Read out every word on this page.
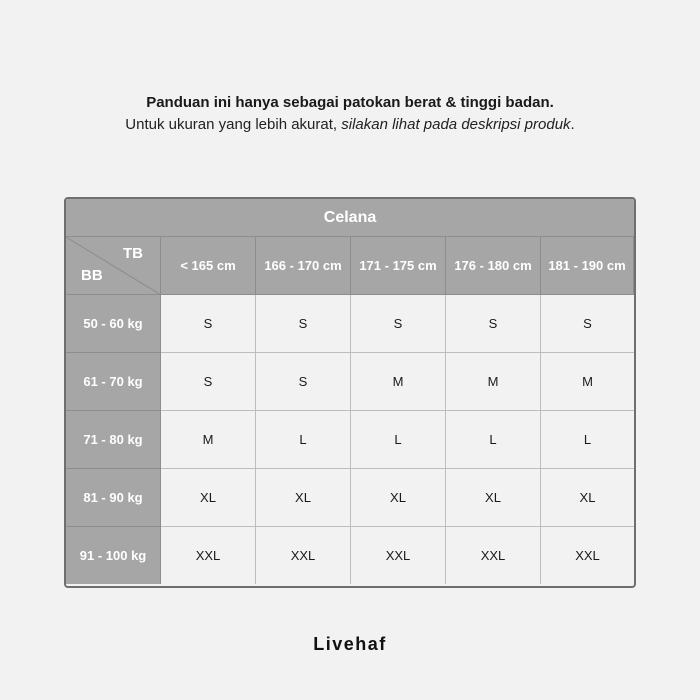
Panduan ini hanya sebagai patokan berat & tinggi badan.
Untuk ukuran yang lebih akurat, silakan lihat pada deskripsi produk.
Celana
TB
BB
< 165 cm	166 - 170 cm	171 - 175 cm	176 - 180 cm	181 - 190 cm
50 - 60 kg	S	S	S	S	S
61 - 70 kg	S	S	M	M	M
71 - 80 kg	M	L	L	L	L
81 - 90 kg	XL	XL	XL	XL	XL
91 - 100 kg	XXL	XXL	XXL	XXL	XXL
Livehaf
